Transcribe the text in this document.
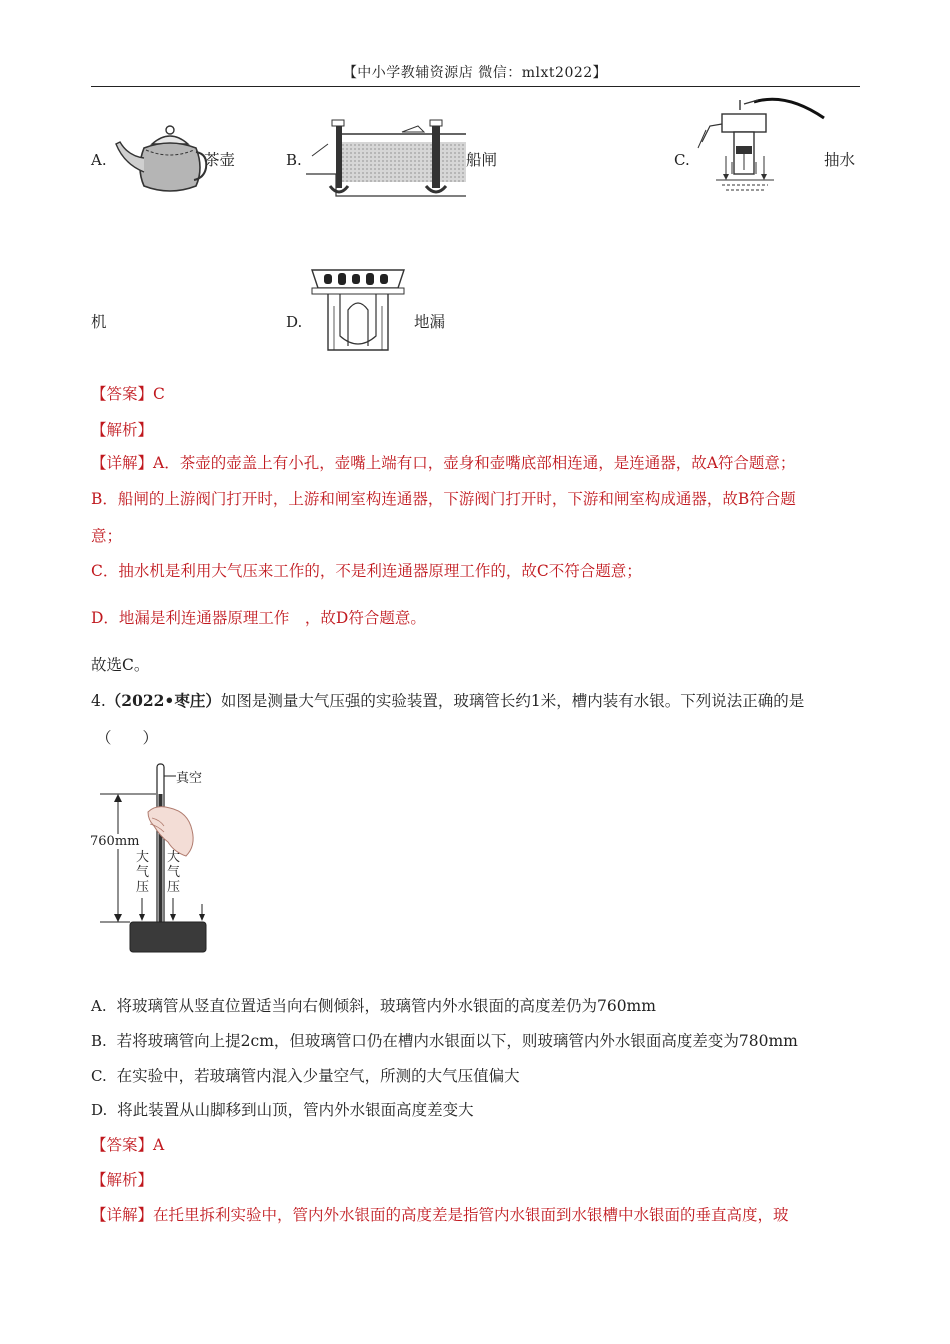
【中小学教辅资源店 微信：mlxt2022】
A.	茶壶	B.	船闸	C.	抽水
机	D.	地漏
【答案】C
【解析】
【详解】A．茶壶的壶盖上有小孔，壶嘴上端有口，壶身和壶嘴底部相连通，是连通器，故A符合题意；
B．船闸的上游阀门打开时，上游和闸室构连通器，下游阀门打开时，下游和闸室构成通器，故B符合题
意；
C．抽水机是利用大气压来工作的，不是利连通器原理工作的，故C不符合题意；
D．地漏是利连通器原理工作　，故D符合题意。
故选C。
4.（2022•枣庄）如图是测量大气压强的实验装置，玻璃管长约1米，槽内装有水银。下列说法正确的是
（　　）
真空
760mm
大
气
压
大
气
压
A. 将玻璃管从竖直位置适当向右侧倾斜，玻璃管内外水银面的高度差仍为760mm
B. 若将玻璃管向上提2cm，但玻璃管口仍在槽内水银面以下，则玻璃管内外水银面高度差变为780mm
C. 在实验中，若玻璃管内混入少量空气，所测的大气压值偏大
D. 将此装置从山脚移到山顶，管内外水银面高度差变大
【答案】A
【解析】
【详解】在托里拆利实验中，管内外水银面的高度差是指管内水银面到水银槽中水银面的垂直高度，玻
